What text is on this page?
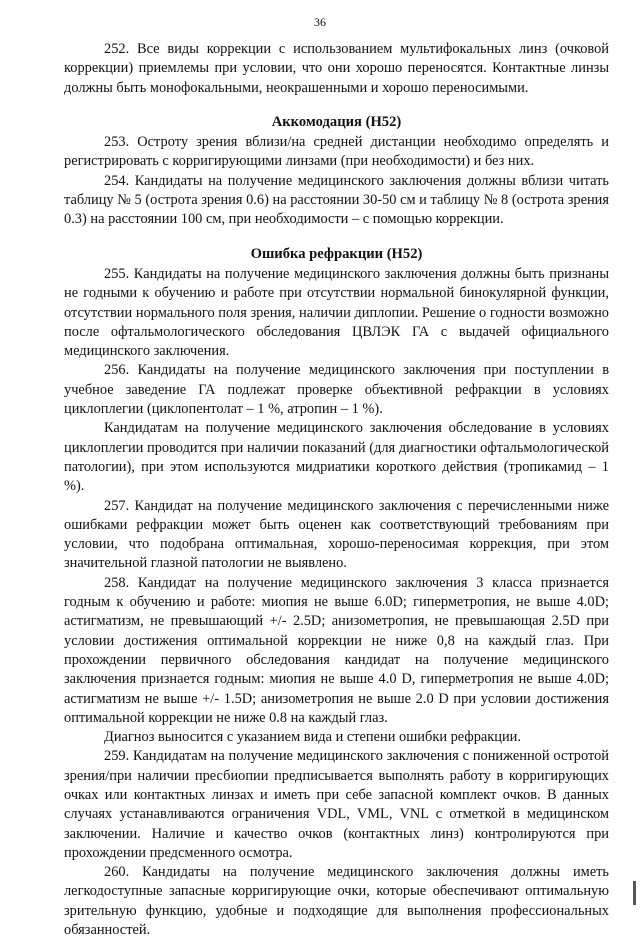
36

252. Все виды коррекции с использованием мультифокальных линз (очковой коррекции) приемлемы при условии, что они хорошо переносятся. Контактные линзы должны быть монофокальными, неокрашенными и хорошо переносимыми.

Аккомодация (H52)

253. Остроту зрения вблизи/на средней дистанции необходимо определять и регистрировать с корригирующими линзами (при необходимости) и без них.

254. Кандидаты на получение медицинского заключения должны вблизи читать таблицу № 5 (острота зрения 0.6) на расстоянии 30-50 см и таблицу № 8 (острота зрения 0.3) на расстоянии 100 см, при необходимости – с помощью коррекции.

Ошибка рефракции (H52)

255. Кандидаты на получение медицинского заключения должны быть признаны не годными к обучению и работе при отсутствии нормальной бинокулярной функции, отсутствии нормального поля зрения, наличии диплопии. Решение о годности возможно после офтальмологического обследования ЦВЛЭК ГА с выдачей официального медицинского заключения.

256. Кандидаты на получение медицинского заключения при поступлении в учебное заведение ГА подлежат проверке объективной рефракции в условиях циклоплегии (циклопентолат – 1 %, атропин – 1 %).

Кандидатам на получение медицинского заключения обследование в условиях циклоплегии проводится при наличии показаний (для диагностики офтальмологической патологии), при этом используются мидриатики короткого действия (тропикамид – 1 %).

257. Кандидат на получение медицинского заключения с перечисленными ниже ошибками рефракции может быть оценен как соответствующий требованиям при условии, что подобрана оптимальная, хорошо-переносимая коррекция, при этом значительной глазной патологии не выявлено.

258. Кандидат на получение медицинского заключения 3 класса признается годным к обучению и работе: миопия не выше 6.0D; гиперметропия, не выше 4.0D; астигматизм, не превышающий +/- 2.5D; анизометропия, не превышающая 2.5D при условии достижения оптимальной коррекции не ниже 0,8 на каждый глаз. При прохождении первичного обследования кандидат на получение медицинского заключения признается годным: миопия не выше 4.0 D, гиперметропия не выше 4.0D; астигматизм не выше +/- 1.5D; анизометропия не выше 2.0 D при условии достижения оптимальной коррекции не ниже 0.8 на каждый глаз.

Диагноз выносится с указанием вида и степени ошибки рефракции.

259. Кандидатам на получение медицинского заключения с пониженной остротой зрения/при наличии пресбиопии предписывается выполнять работу в корригирующих очках или контактных линзах и иметь при себе запасной комплект очков. В данных случаях устанавливаются ограничения VDL, VML, VNL с отметкой в медицинском заключении. Наличие и качество очков (контактных линз) контролируются при прохождении предсменного осмотра.

260. Кандидаты на получение медицинского заключения должны иметь легкодоступные запасные корригирующие очки, которые обеспечивают оптимальную зрительную функцию, удобные и подходящие для выполнения профессиональных обязанностей.
